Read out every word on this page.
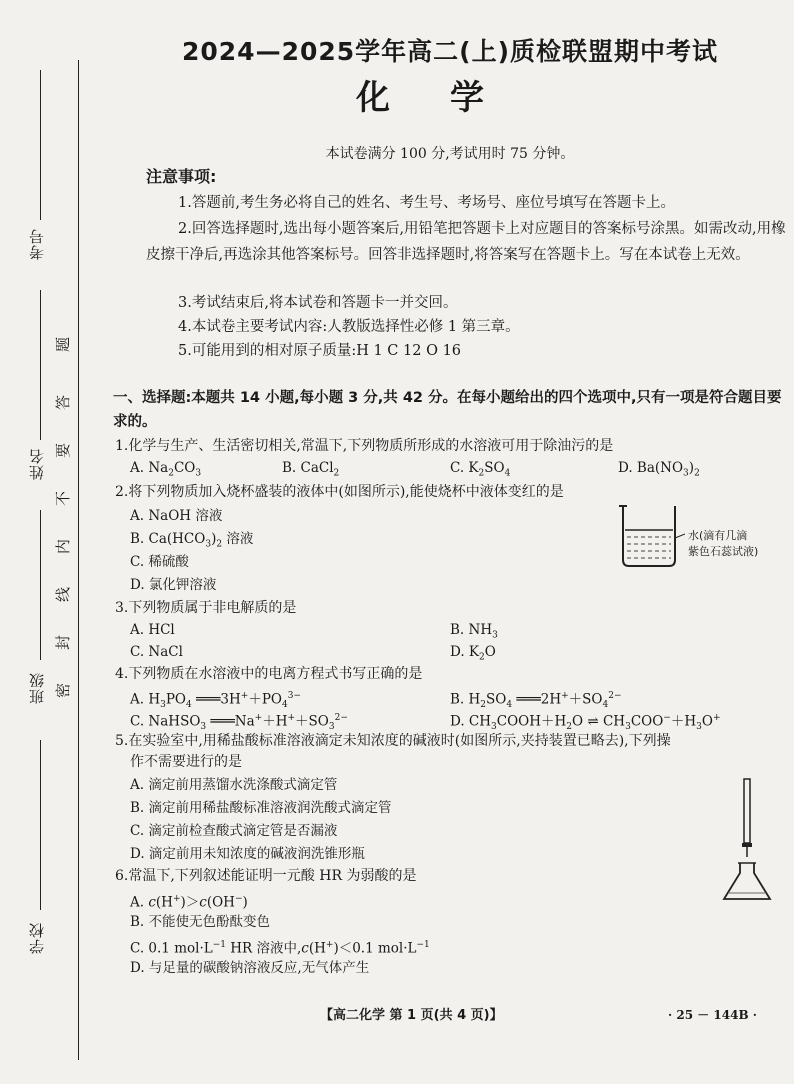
考号
姓名
班级
学校
题
答
要
不
内
线
封
密
2024—2025学年高二(上)质检联盟期中考试
化学
本试卷满分 100 分,考试用时 75 分钟。
注意事项:
1.答题前,考生务必将自己的姓名、考生号、考场号、座位号填写在答题卡上。
2.回答选择题时,选出每小题答案后,用铅笔把答题卡上对应题目的答案标号涂黑。如需改动,用橡皮擦干净后,再选涂其他答案标号。回答非选择题时,将答案写在答题卡上。写在本试卷上无效。
3.考试结束后,将本试卷和答题卡一并交回。
4.本试卷主要考试内容:人教版选择性必修 1 第三章。
5.可能用到的相对原子质量:H 1 C 12 O 16
一、选择题:本题共 14 小题,每小题 3 分,共 42 分。在每小题给出的四个选项中,只有一项是符合题目要求的。
1.化学与生产、生活密切相关,常温下,下列物质所形成的水溶液可用于除油污的是
A. $Na_2CO_3$	B. CaCl$_2$	C. $K_2SO_4$	D. $Ba(NO_3)_2$
2.将下列物质加入烧杯盛装的液体中(如图所示),能使烧杯中液体变红的是
A. NaOH 溶液
B. $Ca(HCO_3)_2$ 溶液
C. 稀硫酸
D. 氯化钾溶液
水(滴有几滴
紫色石蕊试液)
3.下列物质属于非电解质的是
A. HCl	B. $NH_3$
C. NaCl	D. $K_2O$
4.下列物质在水溶液中的电离方程式书写正确的是
A. $H_3PO_4$ $═══3H^++PO_4^{3-}$	B. $H_2SO_4$ $═══2H^++SO_4^{2-}$
C. NaHSO$_3$ $═══Na^++H^++SO_3^{2-}$	D. $CH_3COOH+H_2O$ ⇌ $CH_3COO^-+H_3O^+$
5.在实验室中,用稀盐酸标准溶液滴定未知浓度的碱液时(如图所示,夹持装置已略去),下列操
作不需要进行的是
A. 滴定前用蒸馏水洗涤酸式滴定管
B. 滴定前用稀盐酸标准溶液润洗酸式滴定管
C. 滴定前检查酸式滴定管是否漏液
D. 滴定前用未知浓度的碱液润洗锥形瓶
6.常温下,下列叙述能证明一元酸 HR 为弱酸的是
A. c(H+)＞c(OH−)
B. 不能使无色酚酞变色
C. 0.1 $mol\cdot L^{-1}$ HR 溶液中,c(H+)＜0.1 $mol\cdot L^{-1}$
D. 与足量的碳酸钠溶液反应,无气体产生
【高二化学 第 1 页(共 4 页)】	· 25 － 144B ·
